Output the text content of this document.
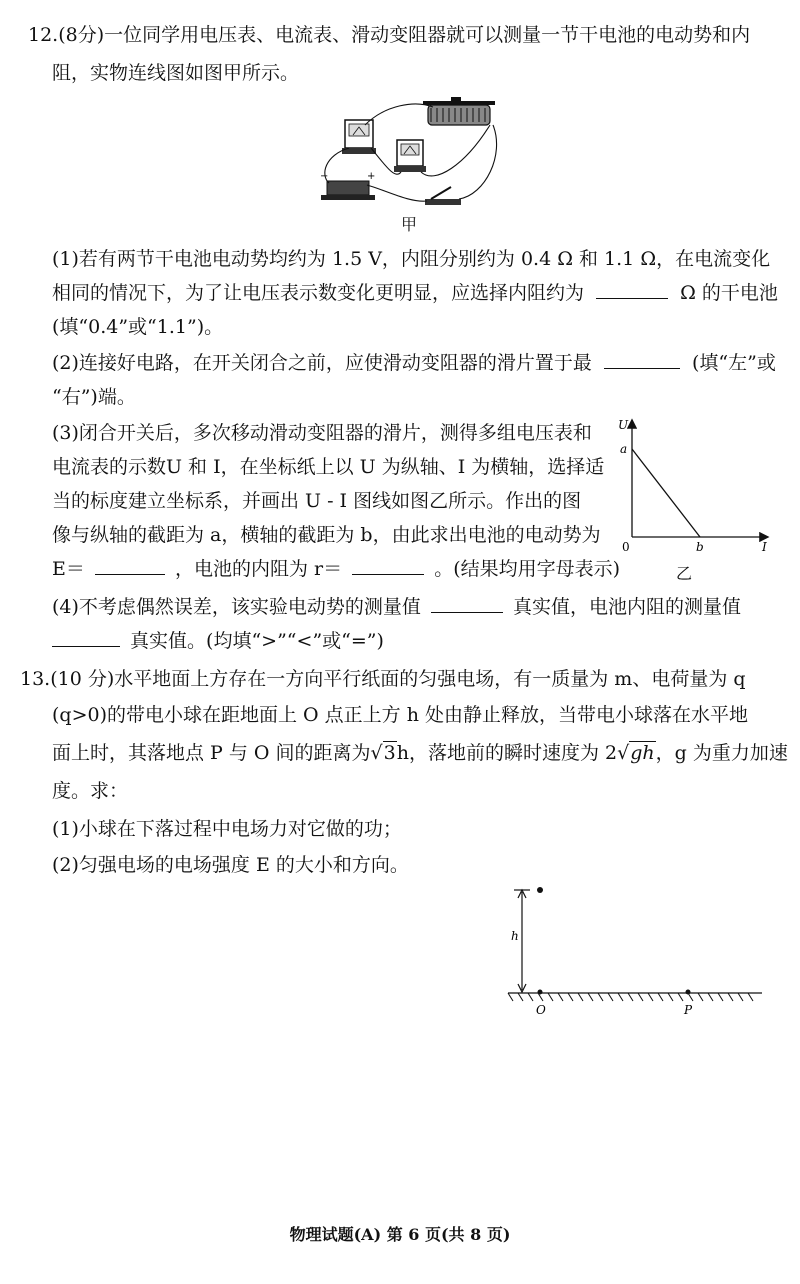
12.(8分)一位同学用电压表、电流表、滑动变阻器就可以测量一节干电池的电动势和内
阻，实物连线图如图甲所示。
−	+
甲
(1)若有两节干电池电动势均约为 1.5 V，内阻分别约为 0.4 Ω 和 1.1 Ω，在电流变化
相同的情况下，为了让电压表示数变化更明显，应选择内阻约为	Ω 的干电池
(填“0.4”或“1.1”)。
(2)连接好电路，在开关闭合之前，应使滑动变阻器的滑片置于最	(填“左”或
“右”)端。
(3)闭合开关后，多次移动滑动变阻器的滑片，测得多组电压表和
电流表的示数U 和 I，在坐标纸上以 U 为纵轴、I 为横轴，选择适
当的标度建立坐标系，并画出 U - I 图线如图乙所示。作出的图
像与纵轴的截距为 a，横轴的截距为 b，由此求出电池的电动势为
E＝	，电池的内阻为 r＝	。(结果均用字母表示)
U
a
0	b	I
乙
(4)不考虑偶然误差，该实验电动势的测量值	真实值，电池内阻的测量值
真实值。(均填“>”“<”或“=”)
13.(10 分)水平地面上方存在一方向平行纸面的匀强电场，有一质量为 m、电荷量为 q
(q>0)的带电小球在距地面上 O 点正上方 h 处由静止释放，当带电小球落在水平地
面上时，其落地点 P 与 O 间的距离为√3h，落地前的瞬时速度为 2√gh，g 为重力加速
度。求：
(1)小球在下落过程中电场力对它做的功；
(2)匀强电场的电场强度 E 的大小和方向。
h
O	P
物理试题(A) 第 6 页(共 8 页)
